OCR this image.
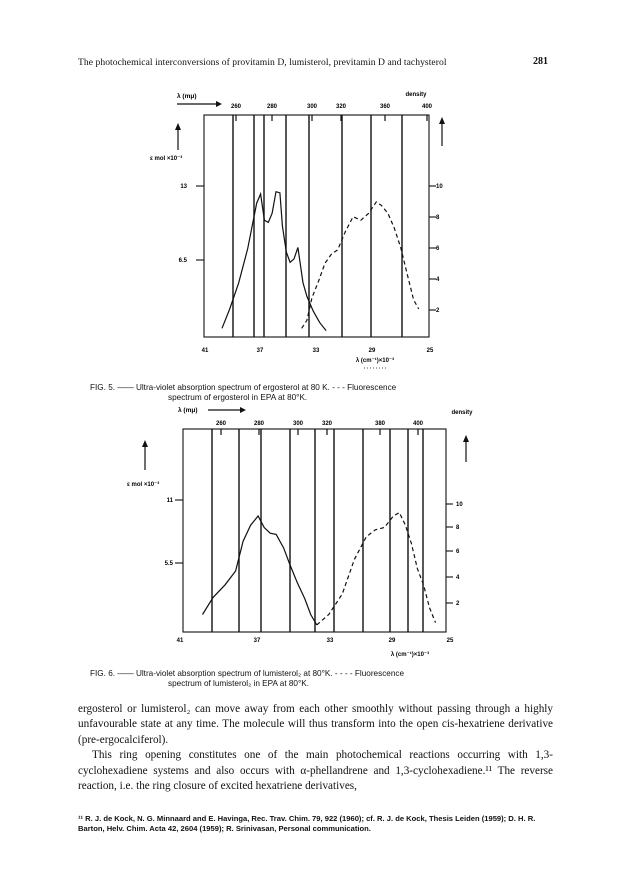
The photochemical interconversions of provitamin D, lumisterol, previtamin D and tachysterol	281
λ (mμ)	density
260	280	300	320	360	400
ε mol ×10⁻³
13
6.5
10
8
6
4
2
41	37	33	29	25
λ (cm⁻¹)×10⁻³
FIG. 5. —— Ultra-violet absorption spectrum of ergosterol at 80 K. - - - Fluorescence
spectrum of ergosterol in EPA at 80°K.
λ (mμ)	density
260	280	300	320	380	400
ε mol ×10⁻³
11
5.5
10
8
6
4
2
41	37	33	29	25
λ (cm⁻¹)×10⁻³
FIG. 6. —— Ultra-violet absorption spectrum of lumisterol₂ at 80°K. - - - - Fluorescence
spectrum of lumisterol₂ in EPA at 80°K.

ergosterol or lumisterol₂ can move away from each other smoothly without passing through a highly unfavourable state at any time. The molecule will thus transform into the open cis-hexatriene derivative (pre-ergocalciferol).

This ring opening constitutes one of the main photochemical reactions occurring with 1,3-cyclohexadiene systems and also occurs with α-phellandrene and 1,3-cyclohexadiene.¹¹ The reverse reaction, i.e. the ring closure of excited hexatriene derivatives,

¹¹ R. J. de Kock, N. G. Minnaard and E. Havinga, Rec. Trav. Chim. 79, 922 (1960); cf. R. J. de Kock, Thesis Leiden (1959); D. H. R. Barton, Helv. Chim. Acta 42, 2604 (1959); R. Srinivasan, Personal communication.
